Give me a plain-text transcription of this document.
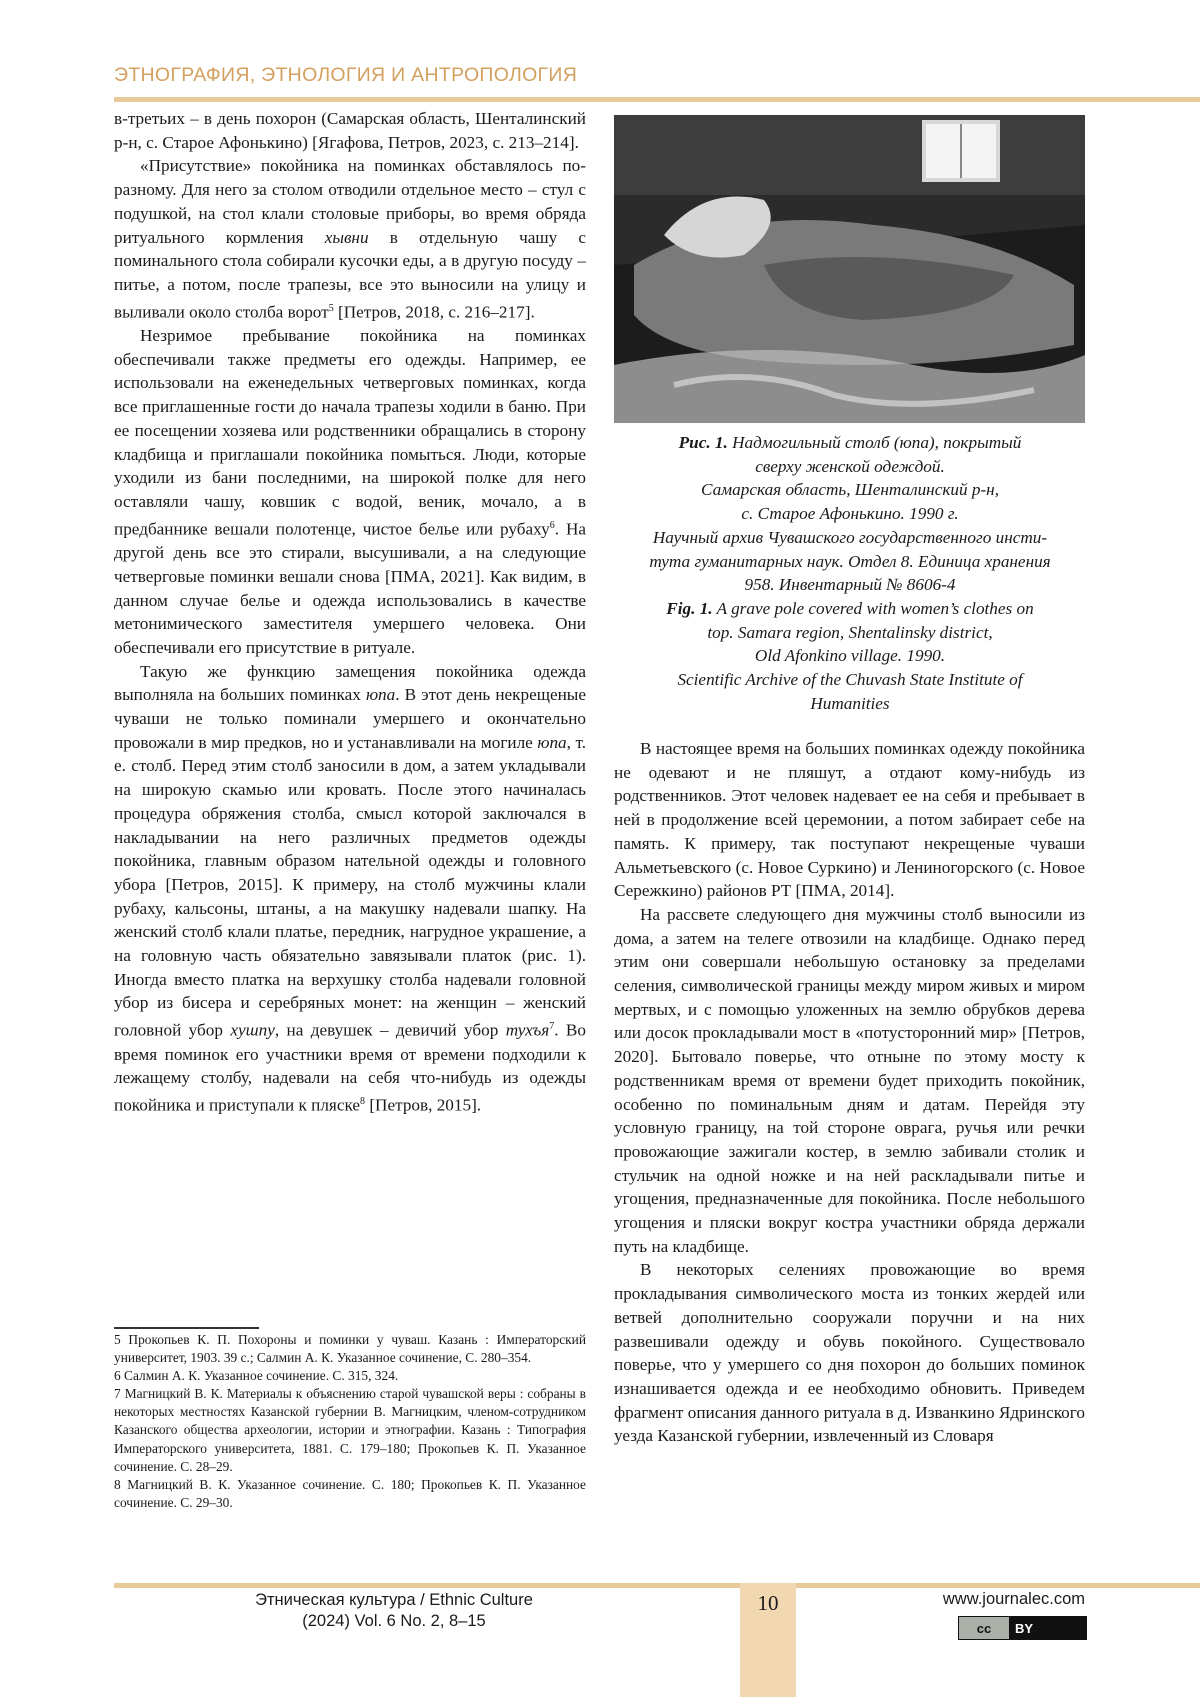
ЭТНОГРАФИЯ, ЭТНОЛОГИЯ И АНТРОПОЛОГИЯ

в-третьих – в день похорон (Самарская область, Шенталинский р-н, с. Старое Афонькино) [Ягафова, Петров, 2023, с. 213–214].

«Присутствие» покойника на поминках обставлялось по-разному. Для него за столом отводили отдельное место – стул с подушкой, на стол клали столовые приборы, во время обряда ритуального кормления хывни в отдельную чашу с поминального стола собирали кусочки еды, а в другую посуду – питье, а потом, после трапезы, все это выносили на улицу и выливали около столба ворот$^5$ [Петров, 2018, с. 216–217].

Незримое пребывание покойника на поминках обеспечивали также предметы его одежды. Например, ее использовали на еженедельных четверговых поминках, когда все приглашенные гости до начала трапезы ходили в баню. При ее посещении хозяева или родственники обращались в сторону кладбища и приглашали покойника помыться. Люди, которые уходили из бани последними, на широкой полке для него оставляли чашу, ковшик с водой, веник, мочало, а в предбаннике вешали полотенце, чистое белье или рубаху$^6$. На другой день все это стирали, высушивали, а на следующие четверговые поминки вешали снова [ПМА, 2021]. Как видим, в данном случае белье и одежда использовались в качестве метонимического заместителя умершего человека. Они обеспечивали его присутствие в ритуале.

Такую же функцию замещения покойника одежда выполняла на больших поминках юпа. В этот день некрещеные чуваши не только поминали умершего и окончательно провожали в мир предков, но и устанавливали на могиле юпа, т. е. столб. Перед этим столб заносили в дом, а затем укладывали на широкую скамью или кровать. После этого начиналась процедура обряжения столба, смысл которой заключался в накладывании на него различных предметов одежды покойника, главным образом нательной одежды и головного убора [Петров, 2015]. К примеру, на столб мужчины клали рубаху, кальсоны, штаны, а на макушку надевали шапку. На женский столб клали платье, передник, нагрудное украшение, а на головную часть обязательно завязывали платок (рис. 1). Иногда вместо платка на верхушку столба надевали головной убор из бисера и серебряных монет: на женщин – женский головной убор хушпу, на девушек – девичий убор тухъя$^7$. Во время поминок его участники время от времени подходили к лежащему столбу, надевали на себя что-нибудь из одежды покойника и приступали к пляске$^8$ [Петров, 2015].

Рис. 1. Надмогильный столб (юпа), покрытый

сверху женской одеждой.

Самарская область, Шенталинский р-н,

с. Старое Афонькино. 1990 г.

Научный архив Чувашского государственного инсти-

тута гуманитарных наук. Отдел 8. Единица хранения

958. Инвентарный № 8606-4

Fig. 1. A grave pole covered with women’s clothes on

top. Samara region, Shentalinsky district,

Old Afonkino village. 1990.

Scientific Archive of the Chuvash State Institute of

Humanities

В настоящее время на больших поминках одежду покойника не одевают и не пляшут, а отдают кому-нибудь из родственников. Этот человек надевает ее на себя и пребывает в ней в продолжение всей церемонии, а потом забирает себе на память. К примеру, так поступают некрещеные чуваши Альметьевского (с. Новое Суркино) и Лениногорского (с. Новое Сережкино) районов РТ [ПМА, 2014].

На рассвете следующего дня мужчины столб выносили из дома, а затем на телеге отвозили на кладбище. Однако перед этим они совершали небольшую остановку за пределами селения, символической границы между миром живых и миром мертвых, и с помощью уложенных на землю обрубков дерева или досок прокладывали мост в «потусторонний мир» [Петров, 2020]. Бытовало поверье, что отныне по этому мосту к родственникам время от времени будет приходить покойник, особенно по поминальным дням и датам. Перейдя эту условную границу, на той стороне оврага, ручья или речки провожающие зажигали костер, в землю забивали столик и стульчик на одной ножке и на ней раскладывали питье и угощения, предназначенные для покойника. После небольшого угощения и пляски вокруг костра участники обряда держали путь на кладбище.

В некоторых селениях провожающие во время прокладывания символического моста из тонких жердей или ветвей дополнительно сооружали поручни и на них развешивали одежду и обувь покойного. Существовало поверье, что у умершего со дня похорон до больших поминок изнашивается одежда и ее необходимо обновить. Приведем фрагмент описания данного ритуала в д. Изванкино Ядринского уезда Казанской губернии, извлеченный из Словаря

5 Прокопьев К. П. Похороны и поминки у чуваш. Казань : Императорский университет, 1903. 39 с.; Салмин А. К. Указанное сочинение, С. 280–354.

6 Салмин А. К. Указанное сочинение. С. 315, 324.

7 Магницкий В. К. Материалы к объяснению старой чувашской веры : собраны в некоторых местностях Казанской губернии В. Магницким, членом-сотрудником Казанского общества археологии, истории и этнографии. Казань : Типография Императорского университета, 1881. С. 179–180; Прокопьев К. П. Указанное сочинение. С. 28–29.

8 Магницкий В. К. Указанное сочинение. С. 180; Прокопьев К. П. Указанное сочинение. С. 29–30.

Этническая культура / Ethnic Culture
(2024) Vol. 6 No. 2, 8–15
10	www.journalec.com
cc	BY
